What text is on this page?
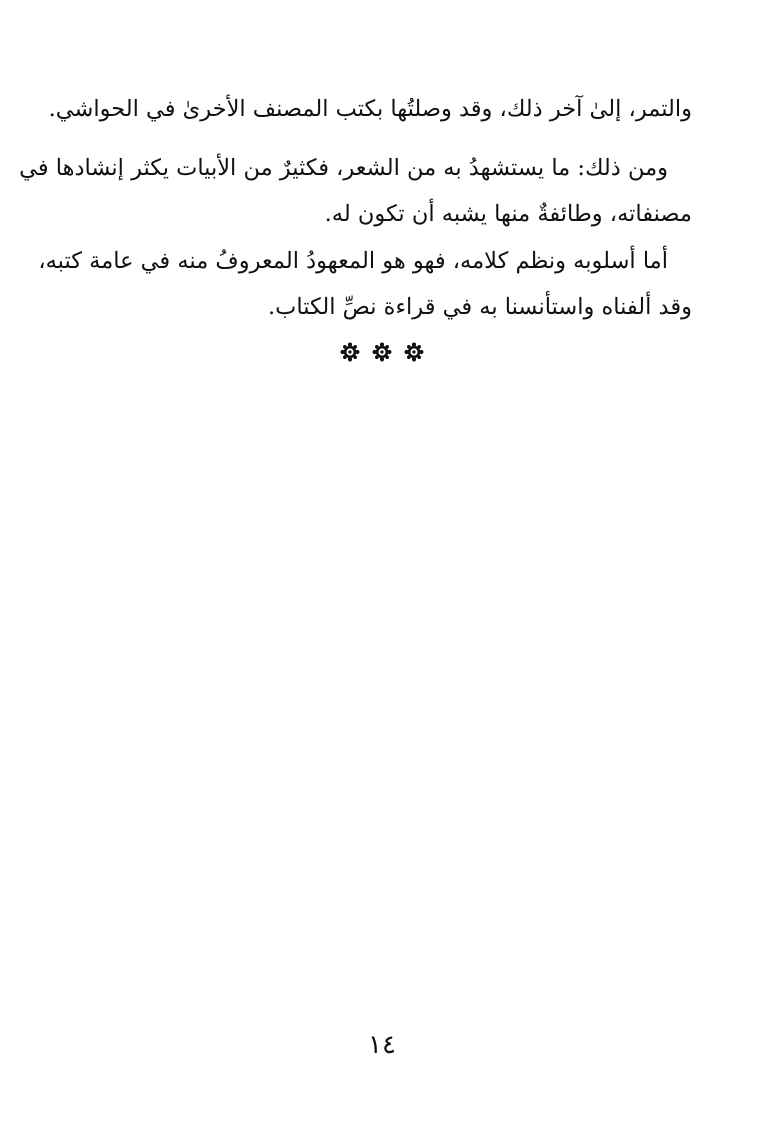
والتمر، إلىٰ آخر ذلك، وقد وصلتُها بكتب المصنف الأخرىٰ في الحواشي.
ومن ذلك: ما يستشهدُ به من الشعر، فكثيرٌ من الأبيات يكثر إنشادها في
مصنفاته، وطائفةٌ منها يشبه أن تكون له.
أما أسلوبه ونظم كلامه، فهو هو المعهودُ المعروفُ منه في عامة كتبه،
وقد ألفناه واستأنسنا به في قراءة نصِّ الكتاب.

١٤
